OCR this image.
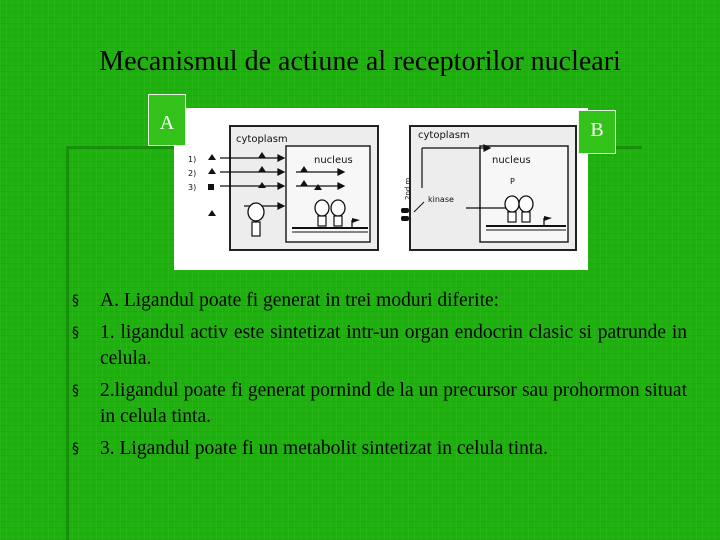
Mecanismul de actiune al receptorilor nucleari
cytoplasm
nucleus
1)
2)
3)
cytoplasm
nucleus
2nd m. kinase
P
A	B
§ A. Ligandul poate fi generat in trei moduri diferite:
§ 1. ligandul activ este sintetizat intr-un organ endocrin clasic si patrunde in celula.
§ 2.ligandul poate fi generat pornind de la un precursor sau prohormon situat in celula tinta.
§ 3. Ligandul poate fi un metabolit sintetizat in celula tinta.
